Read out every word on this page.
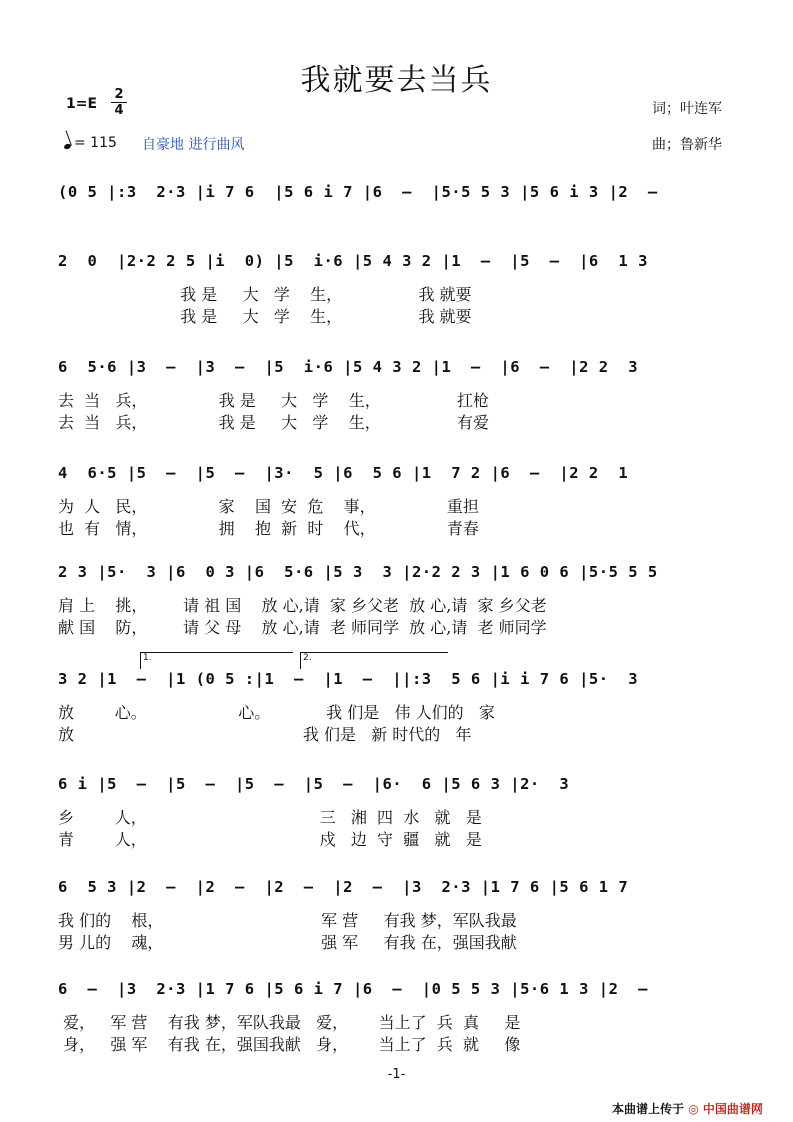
我就要去当兵
1=E
2
4
= 115 自豪地 进行曲风
词；叶连军
曲；鲁新华
(0 5 |:3  2·3 |i 7 6  |5 6 i 7 |6  –  |5·5 5 3 |5 6 i 3 |2  –
2  0  |2·2 2 5 |i  0) |5  i·6 |5 4 3 2 |1  –  |5  –  |6  1 3
我 是     大   学    生，               我 就要
我 是     大   学    生，               我 就要
6  5·6 |3  –  |3  –  |5  i·6 |5 4 3 2 |1  –  |6  –  |2 2  3
去  当   兵，              我 是     大   学    生，               扛枪
去  当   兵，              我 是     大   学    生，               有爱
4  6·5 |5  –  |5  –  |3·  5 |6  5 6 |1  7 2 |6  –  |2 2  1
为  人   民，              家    国  安  危    事，              重担
也  有   情，              拥    抱  新  时    代，              青春
2 3 |5·  3 |6  0 3 |6  5·6 |5 3  3 |2·2 2 3 |1 6 0 6 |5·5 5 5
肩 上    挑，       请 祖 国    放 心,请  家 乡父老  放 心,请  家 乡父老
献 国    防，       请 父 母    放 心,请  老 师同学  放 心,请  老 师同学
3 2 |1  –  |1 (0 5 :|1  –  |1  –  ||:3  5 6 |i i 7 6 |5·  3
放        心。                  心。           我 们是   伟 人们的   家
放                                             我 们是   新 时代的   年
6 i |5  –  |5  –  |5  –  |5  –  |6·  6 |5 6 3 |2·  3
乡        人，                                  三   湘  四  水   就   是
青        人，                                  戍   边  守  疆   就   是
6  5 3 |2  –  |2  –  |2  –  |2  –  |3  2·3 |1 7 6 |5 6 1 7
我 们的    根，                               军 营     有我 梦，军队我最
男 儿的    魂，                               强 军     有我 在，强国我献
6  –  |3  2·3 |1 7 6 |5 6 i 7 |6  –  |0 5 5 3 |5·6 1 3 |2  –
爱，   军 营    有我 梦，军队我最   爱，      当上了  兵  真     是
身，   强 军    有我 在，强国我献   身，      当上了  兵  就     像
-1-
本曲谱上传于 ◎ 中国曲谱网
1.	2.
